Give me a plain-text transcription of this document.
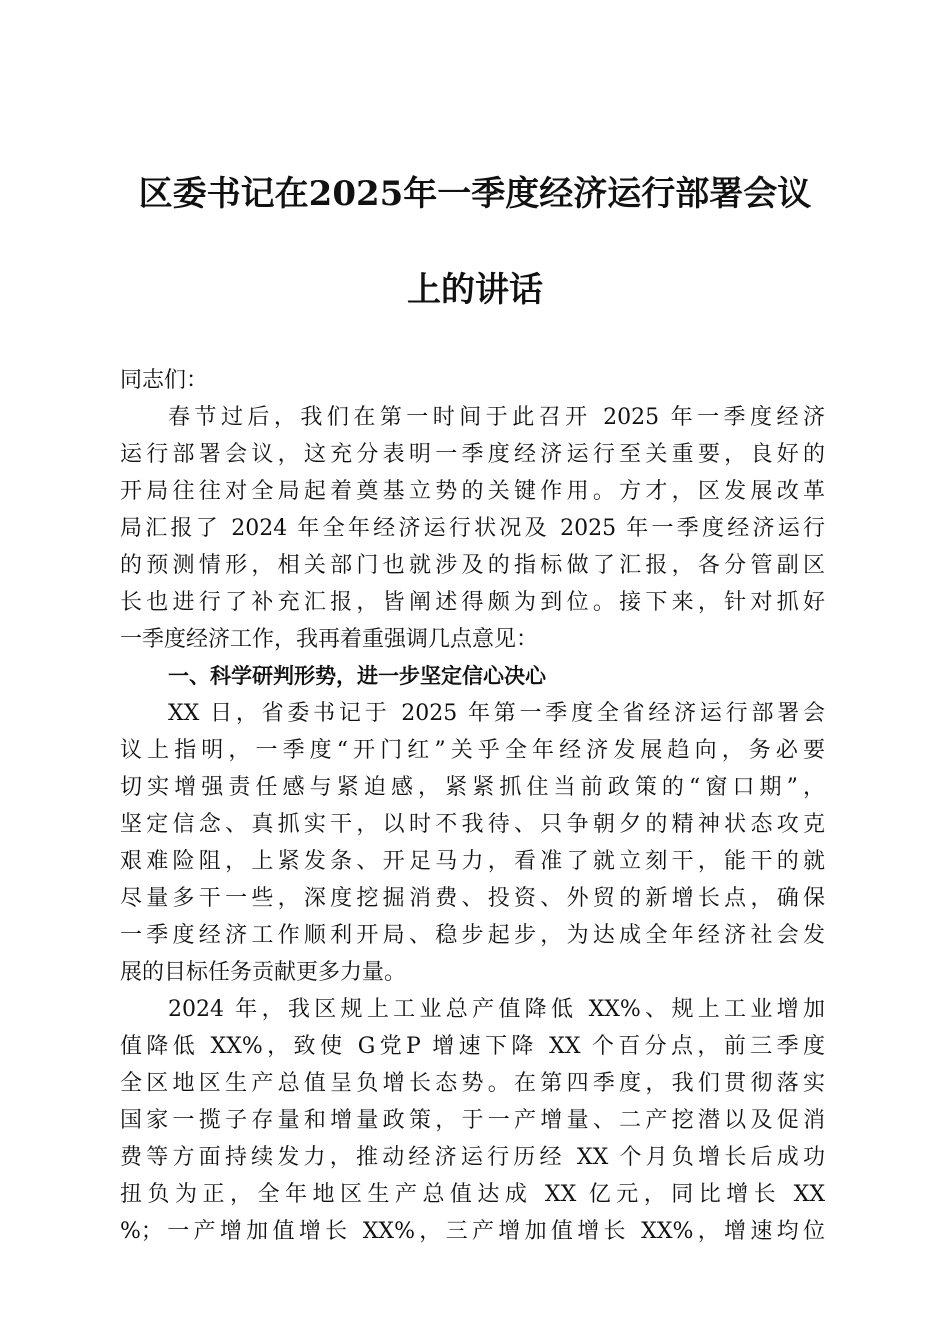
区委书记在2025年一季度经济运行部署会议
上的讲话
同志们：
春节过后，我们在第一时间于此召开 2025 年一季度经济
运行部署会议，这充分表明一季度经济运行至关重要，良好的
开局往往对全局起着奠基立势的关键作用。方才，区发展改革
局汇报了 2024 年全年经济运行状况及 2025 年一季度经济运行
的预测情形，相关部门也就涉及的指标做了汇报，各分管副区
长也进行了补充汇报，皆阐述得颇为到位。接下来，针对抓好
一季度经济工作，我再着重强调几点意见：
一、科学研判形势，进一步坚定信心决心
XX 日，省委书记于 2025 年第一季度全省经济运行部署会
议上指明，一季度“开门红”关乎全年经济发展趋向，务必要
切实增强责任感与紧迫感，紧紧抓住当前政策的“窗口期”，
坚定信念、真抓实干，以时不我待、只争朝夕的精神状态攻克
艰难险阻，上紧发条、开足马力，看准了就立刻干，能干的就
尽量多干一些，深度挖掘消费、投资、外贸的新增长点，确保
一季度经济工作顺利开局、稳步起步，为达成全年经济社会发
展的目标任务贡献更多力量。
2024 年，我区规上工业总产值降低 XX%、规上工业增加
值降低 XX%，致使 G党P 增速下降 XX 个百分点，前三季度
全区地区生产总值呈负增长态势。在第四季度，我们贯彻落实
国家一揽子存量和增量政策，于一产增量、二产挖潜以及促消
费等方面持续发力，推动经济运行历经 XX 个月负增长后成功
扭负为正，全年地区生产总值达成 XX 亿元，同比增长 XX
%；一产增加值增长 XX%，三产增加值增长 XX%，增速均位
